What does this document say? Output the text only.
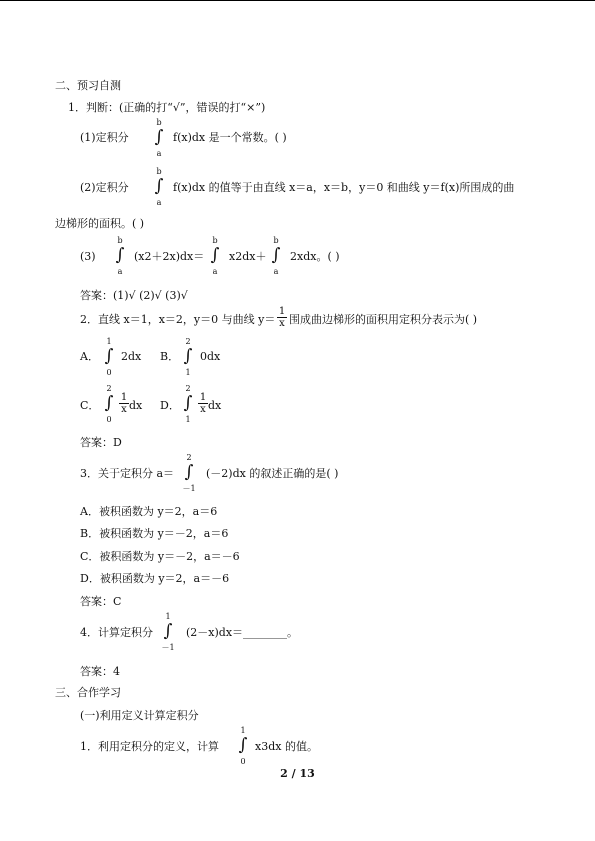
二、预习自测
1．判断：(正确的打“√”，错误的打“×”)
(1)定积分
b
∫
a
f(x)dx 是一个常数。( )
(2)定积分
b
∫
a
f(x)dx 的值等于由直线 x＝a，x＝b，y＝0 和曲线 y＝f(x)所围成的曲
边梯形的面积。( )
(3)
b
∫
a
(x2＋2x)dx＝
b
∫
a
x2dx＋
b
∫
a
2xdx。( )
答案：(1)√ (2)√ (3)√
2．直线 x＝1，x＝2，y＝0 与曲线 $y= \frac{1}{x}$ 围成曲边梯形的面积用定积分表示为( )
A．
1
∫
0
2dx B．
2
∫
1
0dx
C．
2
∫
0
$\frac{1}{x}$ dx D．
2
∫
1
$\frac{1}{x}$ dx
答案：D
3．关于定积分 a＝
2
∫
－1
(－2)dx 的叙述正确的是( )
A．被积函数为 y＝2，a＝6
B．被积函数为 y＝－2，a＝6
C．被积函数为 y＝－2，a＝－6
D．被积函数为 y＝2，a＝－6
答案：C
4．计算定积分
1
∫
－1
(2－x)dx＝________。
答案：4
三、合作学习
(一)利用定义计算定积分
1．利用定积分的定义，计算
1
∫
0
x3dx 的值。
2 / 13
